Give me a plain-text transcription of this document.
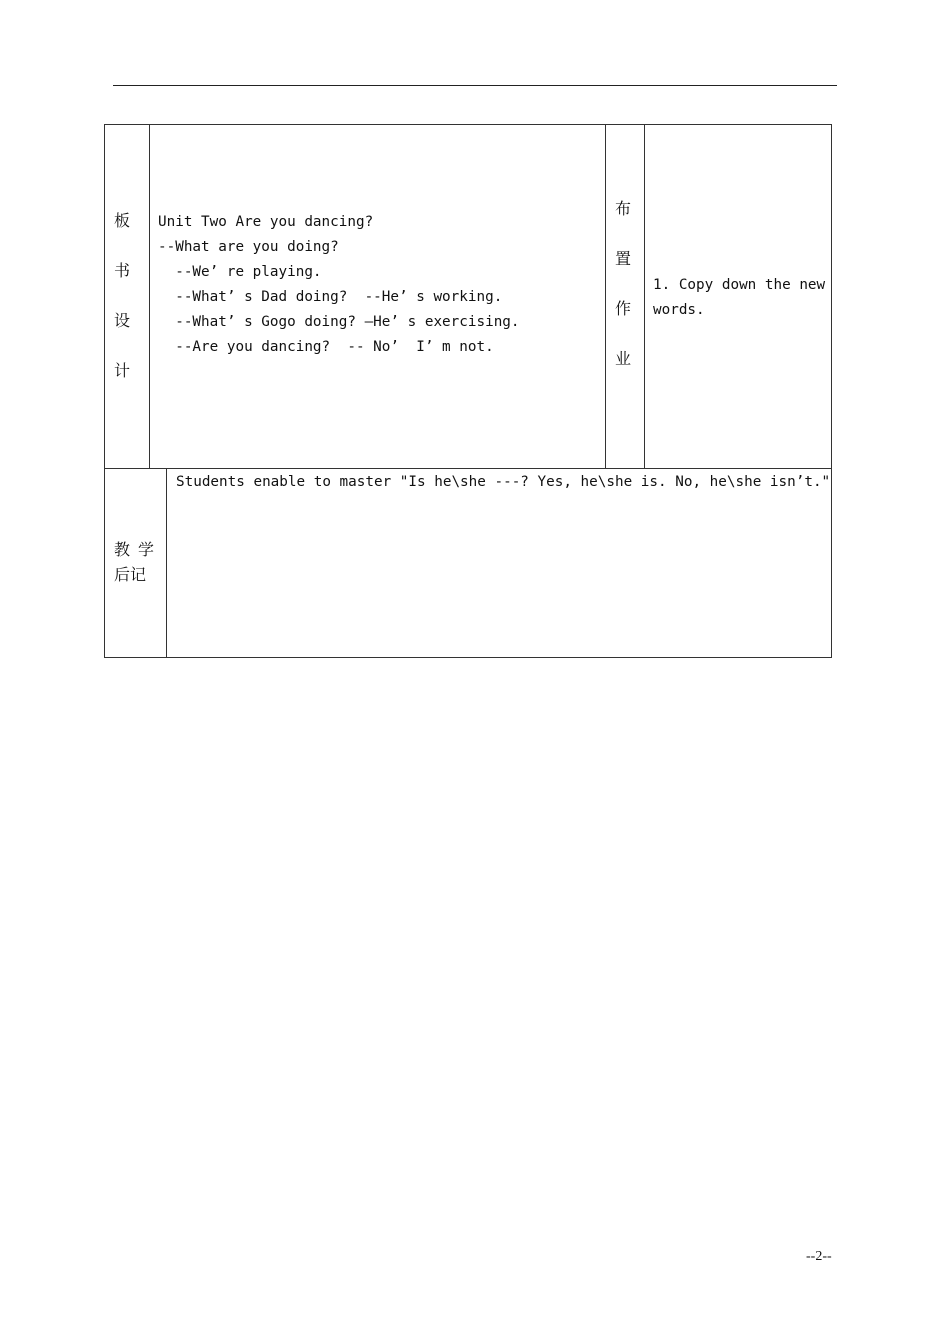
板
书
设
计
Unit Two Are you dancing?
--What are you doing?
--We’ re playing.
--What’ s Dad doing?  --He’ s working.
--What’ s Gogo doing? –He’ s exercising.
--Are you dancing?  -- No’  I’ m not.
布
置
作
业
1. Copy down the new
words.
教  学
后记
Students enable to master "Is he\she ---? Yes, he\she is. No, he\she isn’t."
--2--
